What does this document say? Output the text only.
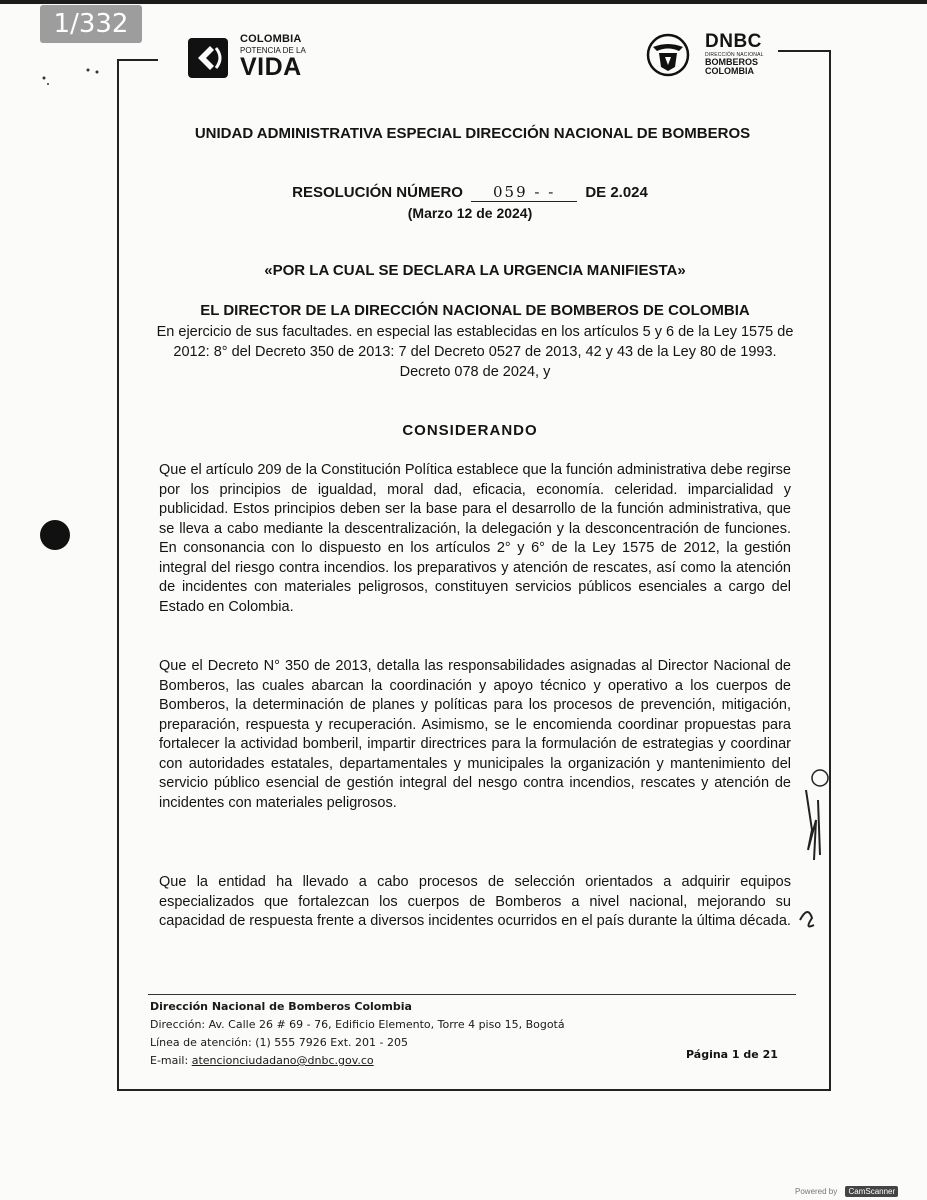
1/332	COLOMBIA
POTENCIA DE LA
VIDA
DNBC
DIRECCIÓN NACIONAL
BOMBEROS
COLOMBIA
UNIDAD ADMINISTRATIVA ESPECIAL DIRECCIÓN NACIONAL DE BOMBEROS
RESOLUCIÓN NÚMERO 059 - - DE 2.024
(Marzo 12 de 2024)
«POR LA CUAL SE DECLARA LA URGENCIA MANIFIESTA»
EL DIRECTOR DE LA DIRECCIÓN NACIONAL DE BOMBEROS DE COLOMBIA
En ejercicio de sus facultades. en especial las establecidas en los artículos 5 y 6 de la Ley 1575 de 2012: 8° del Decreto 350 de 2013: 7 del Decreto 0527 de 2013, 42 y 43 de la Ley 80 de 1993. Decreto 078 de 2024, y
CONSIDERANDO

Que el artículo 209 de la Constitución Política establece que la función administrativa debe regirse por los principios de igualdad, moral dad, eficacia, economía. celeridad. imparcialidad y publicidad. Estos principios deben ser la base para el desarrollo de la función administrativa, que se lleva a cabo mediante la descentralización, la delegación y la desconcentración de funciones. En consonancia con lo dispuesto en los artículos 2° y 6° de la Ley 1575 de 2012, la gestión integral del riesgo contra incendios. los preparativos y atención de rescates, así como la atención de incidentes con materiales peligrosos, constituyen servicios públicos esenciales a cargo del Estado en Colombia.

Que el Decreto N° 350 de 2013, detalla las responsabilidades asignadas al Director Nacional de Bomberos, las cuales abarcan la coordinación y apoyo técnico y operativo a los cuerpos de Bomberos, la determinación de planes y políticas para los procesos de prevención, mitigación, preparación, respuesta y recuperación. Asimismo, se le encomienda coordinar propuestas para fortalecer la actividad bomberil, impartir directrices para la formulación de estrategias y coordinar con autoridades estatales, departamentales y municipales la organización y mantenimiento del servicio público esencial de gestión integral del nesgo contra incendios, rescates y atención de incidentes con materiales peligrosos.

Que la entidad ha llevado a cabo procesos de selección orientados a adquirir equipos especializados que fortalezcan los cuerpos de Bomberos a nivel nacional, mejorando su capacidad de respuesta frente a diversos incidentes ocurridos en el país durante la última década.

Dirección Nacional de Bomberos Colombia
Dirección: Av. Calle 26 # 69 - 76, Edificio Elemento, Torre 4 piso 15, Bogotá
Línea de atención: (1) 555 7926 Ext. 201 - 205
E-mail: atencionciudadano@dnbc.gov.co	Página 1 de 21
Powered by CamScanner
